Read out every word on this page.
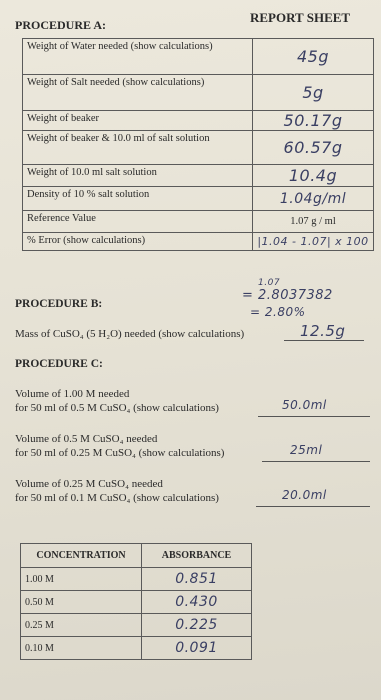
REPORT SHEET
PROCEDURE A:
Weight of Water needed (show calculations)	45g
Weight of Salt needed (show calculations)	5g
Weight of beaker	50.17g
Weight of beaker & 10.0 ml of salt solution	60.57g
Weight of 10.0 ml salt solution	10.4g
Density of 10 % salt solution	1.04g/ml
Reference Value	1.07 g / ml
% Error (show calculations)	|1.04 - 1.07| x 100
1.07
= 2.8037382
= 2.80%
PROCEDURE B:
Mass of CuSO₄ (5 H₂O) needed (show calculations)	12.5g
PROCEDURE C:
Volume of 1.00 M needed
for 50 ml of 0.5 M CuSO₄ (show calculations)	50.0ml
Volume of 0.5 M CuSO₄ needed
for 50 ml of 0.25 M CuSO₄ (show calculations)	25ml
Volume of 0.25 M CuSO₄ needed
for 50 ml of 0.1 M CuSO₄ (show calculations)	20.0ml
CONCENTRATION	ABSORBANCE
1.00 M	0.851
0.50 M	0.430
0.25 M	0.225
0.10 M	0.091
